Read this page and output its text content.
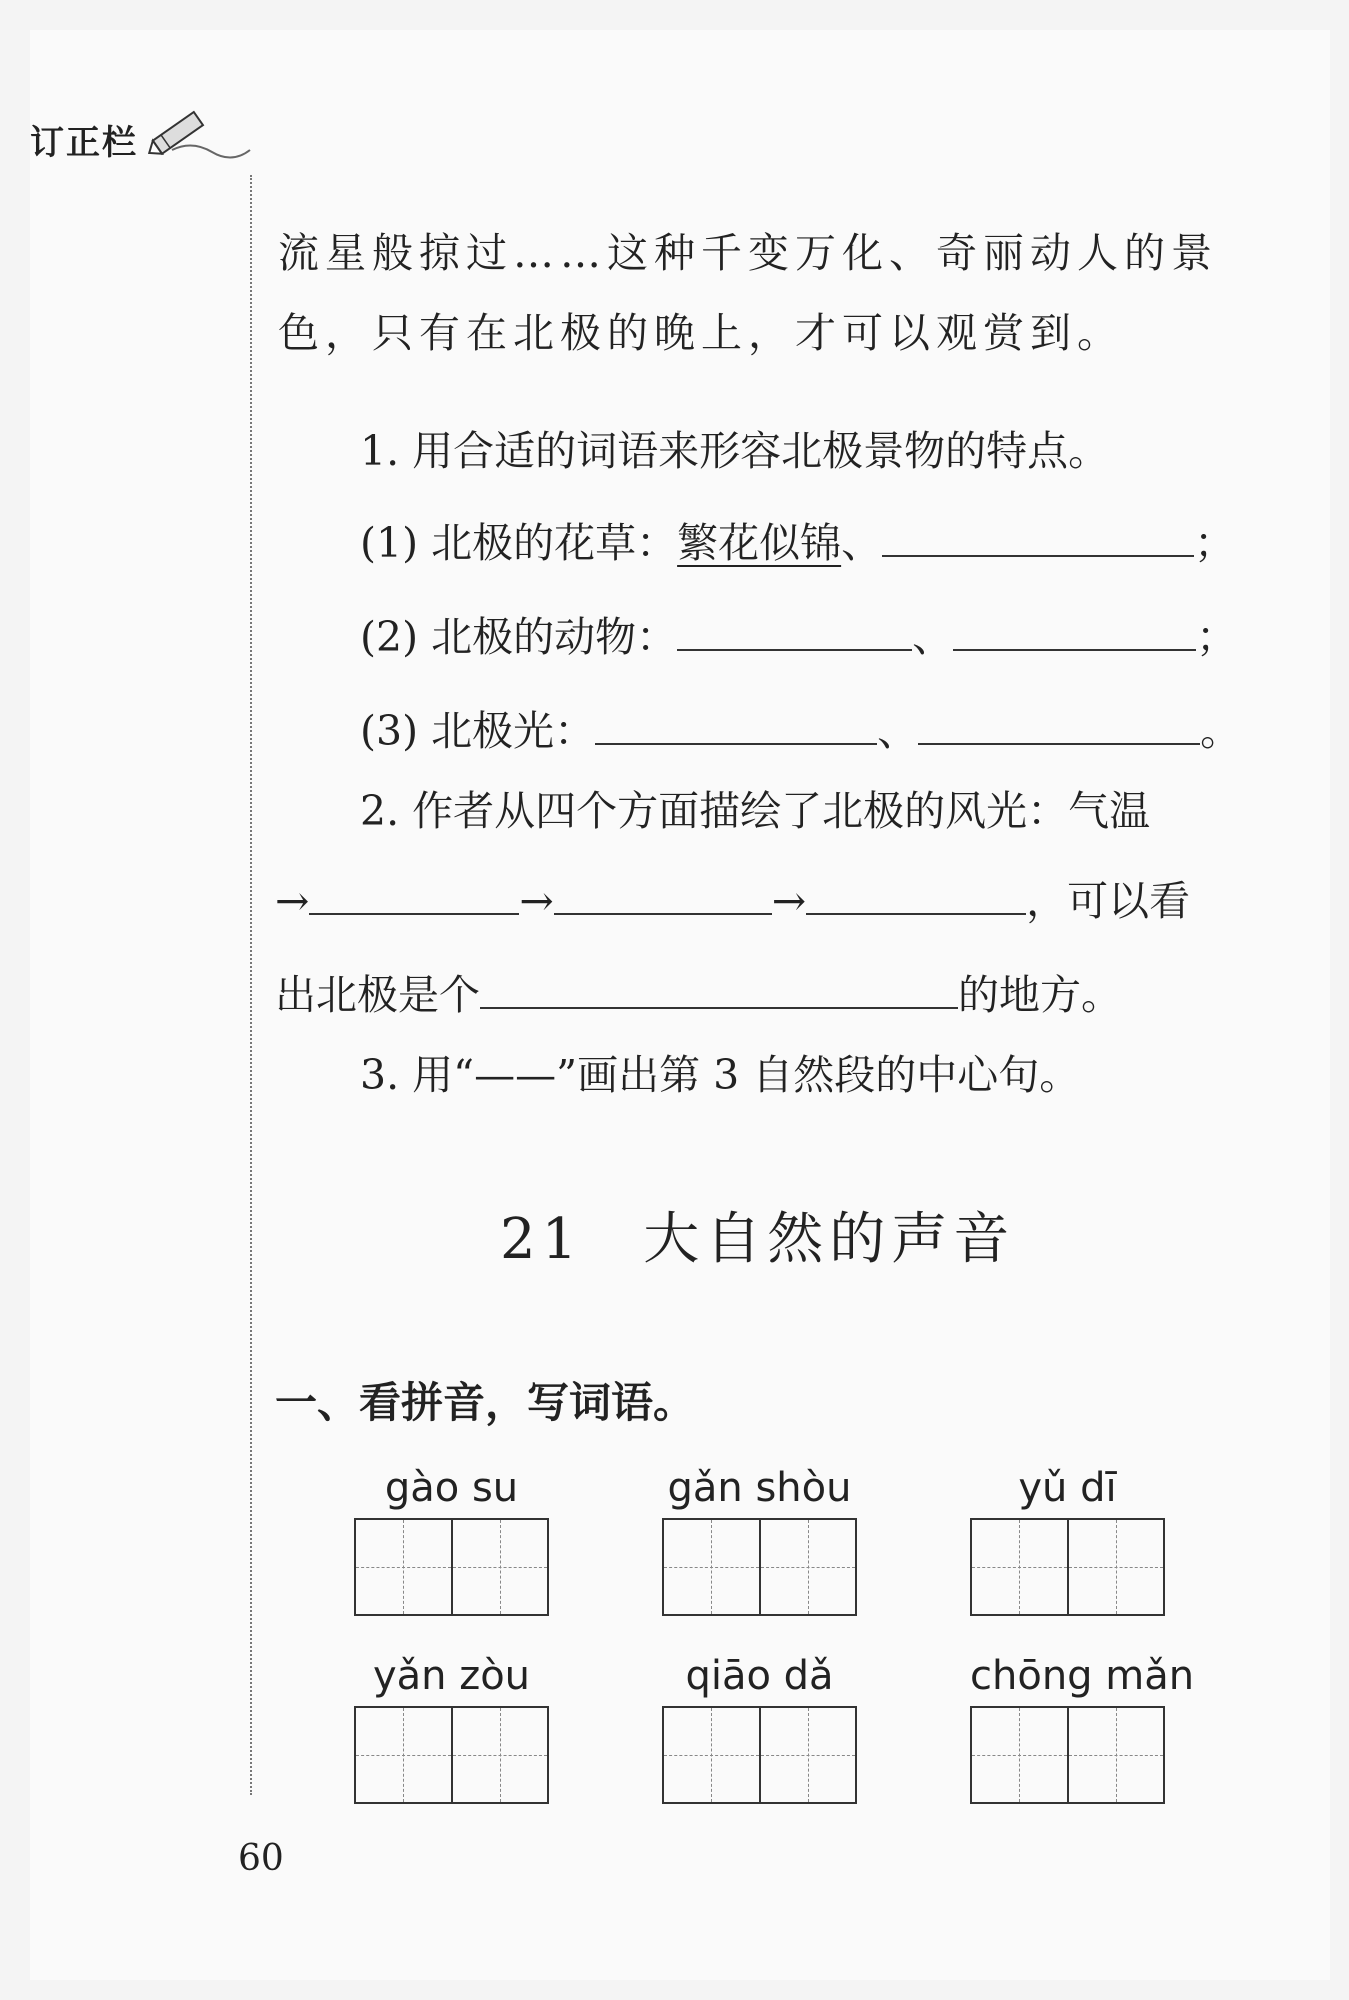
订正栏
流星般掠过……这种千变万化、奇丽动人的景
色，只有在北极的晚上，才可以观赏到。
1. 用合适的词语来形容北极景物的特点。
(1) 北极的花草：繁花似锦、	；
(2) 北极的动物：	、	；
(3) 北极光：	、	。
2. 作者从四个方面描绘了北极的风光：气温
→	→	→	，可以看
出北极是个	的地方。
3. 用“——”画出第 3 自然段的中心句。
21 大自然的声音
一、看拼音，写词语。
gào su	gǎn shòu	yǔ dī
yǎn zòu	qiāo dǎ	chōng mǎn
60
